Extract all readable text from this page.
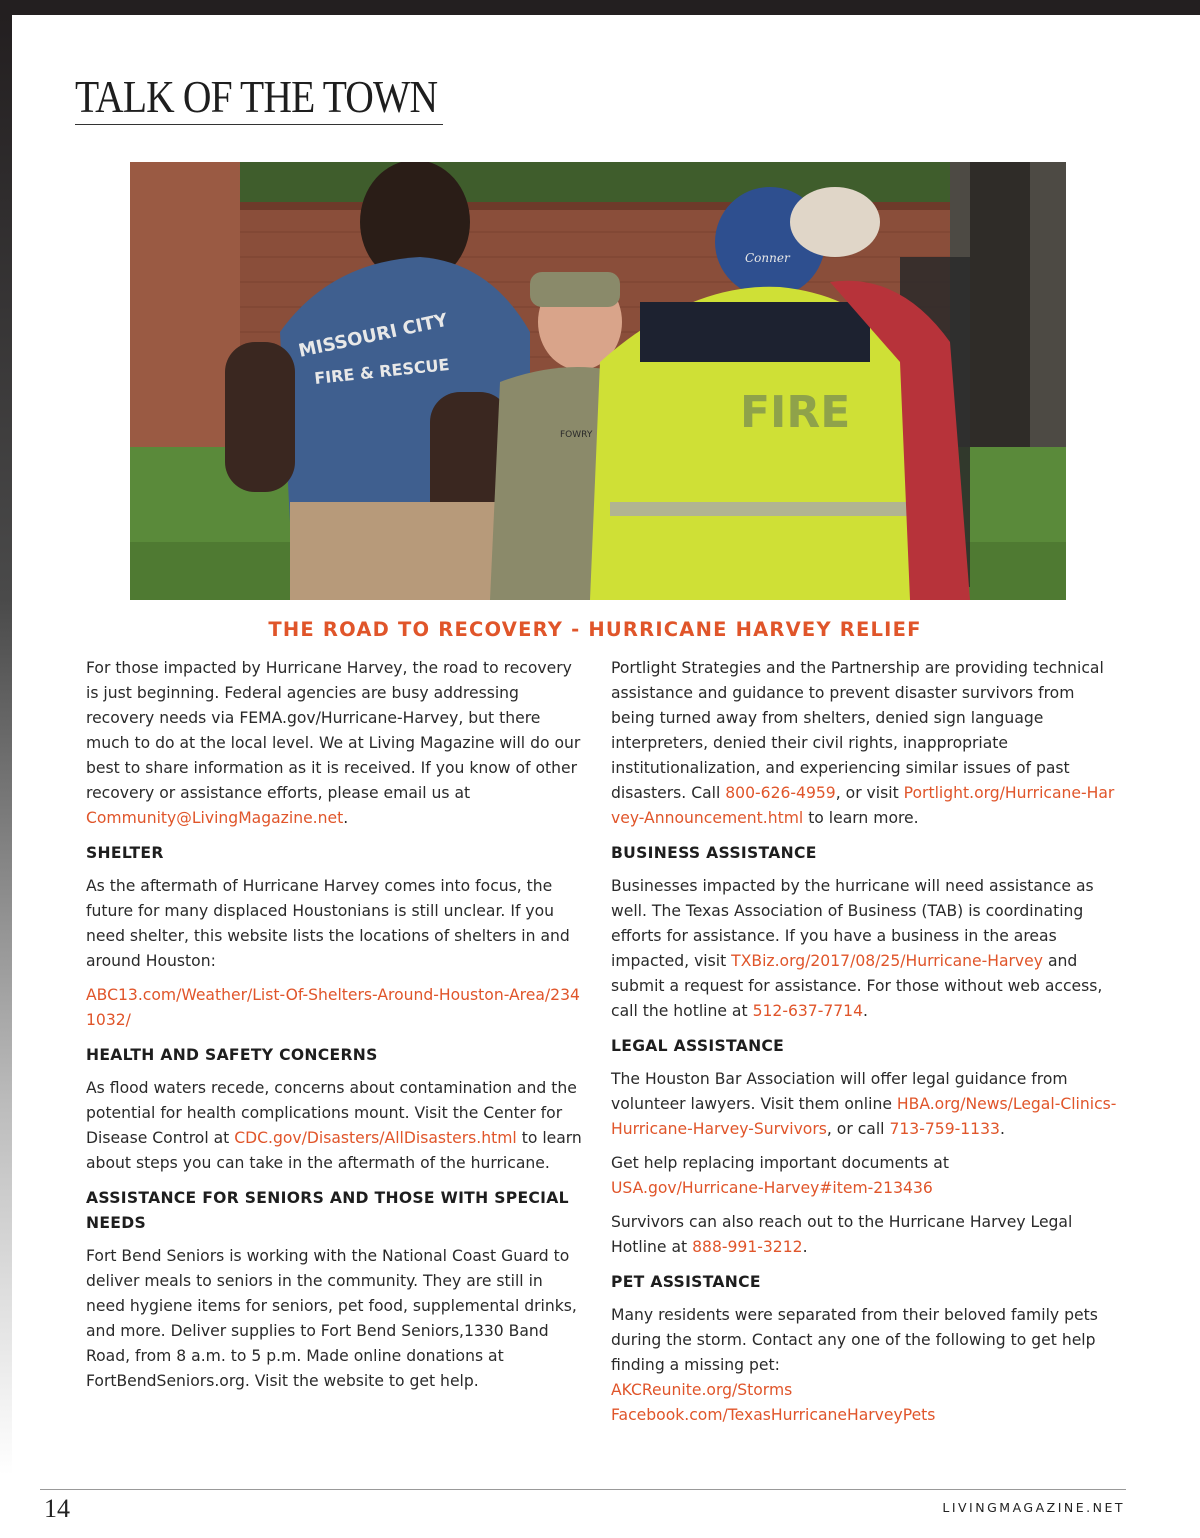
TALK OF THE TOWN
MISSOURI CITY
FIRE & RESCUE
FOWRY
Conner
FIRE
THE ROAD TO RECOVERY - HURRICANE HARVEY RELIEF

For those impacted by Hurricane Harvey, the road to recovery is just beginning. Federal agencies are busy addressing recovery needs via FEMA.gov/Hurricane-Harvey, but there much to do at the local level. We at Living Magazine will do our best to share information as it is received. If you know of other recovery or assistance efforts, please email us at Community@LivingMagazine.net.

SHELTER

As the aftermath of Hurricane Harvey comes into focus, the future for many displaced Houstonians is still unclear. If you need shelter, this website lists the locations of shelters in and around Houston:

ABC13.com/Weather/List-Of-Shelters-Around-Houston-Area/2341032/

HEALTH AND SAFETY CONCERNS

As flood waters recede, concerns about contamination and the potential for health complications mount. Visit the Center for Disease Control at CDC.gov/Disasters/AllDisasters.html to learn about steps you can take in the aftermath of the hurricane.

ASSISTANCE FOR SENIORS AND THOSE WITH SPECIAL NEEDS

Fort Bend Seniors is working with the National Coast Guard to deliver meals to seniors in the community. They are still in need hygiene items for seniors, pet food, supplemental drinks, and more. Deliver supplies to Fort Bend Seniors,1330 Band Road, from 8 a.m. to 5 p.m. Made online donations at FortBendSeniors.org. Visit the website to get help.

Portlight Strategies and the Partnership are providing technical assistance and guidance to prevent disaster survivors from being turned away from shelters, denied sign language interpreters, denied their civil rights, inappropriate institutionalization, and experiencing similar issues of past disasters. Call 800-626-4959, or visit Portlight.org/Hurricane-Harvey-Announcement.html to learn more.

BUSINESS ASSISTANCE

Businesses impacted by the hurricane will need assistance as well. The Texas Association of Business (TAB) is coordinating efforts for assistance. If you have a business in the areas impacted, visit TXBiz.org/2017/08/25/Hurricane-Harvey and submit a request for assistance. For those without web access, call the hotline at 512-637-7714.

LEGAL ASSISTANCE

The Houston Bar Association will offer legal guidance from volunteer lawyers. Visit them online HBA.org/News/Legal-Clinics-Hurricane-Harvey-Survivors, or call 713-759-1133.

Get help replacing important documents at
USA.gov/Hurricane-Harvey#item-213436

Survivors can also reach out to the Hurricane Harvey Legal Hotline at 888-991-3212.

PET ASSISTANCE

Many residents were separated from their beloved family pets during the storm. Contact any one of the following to get help finding a missing pet:
AKCReunite.org/Storms
Facebook.com/TexasHurricaneHarveyPets

14	LIVINGMAGAZINE.NET
